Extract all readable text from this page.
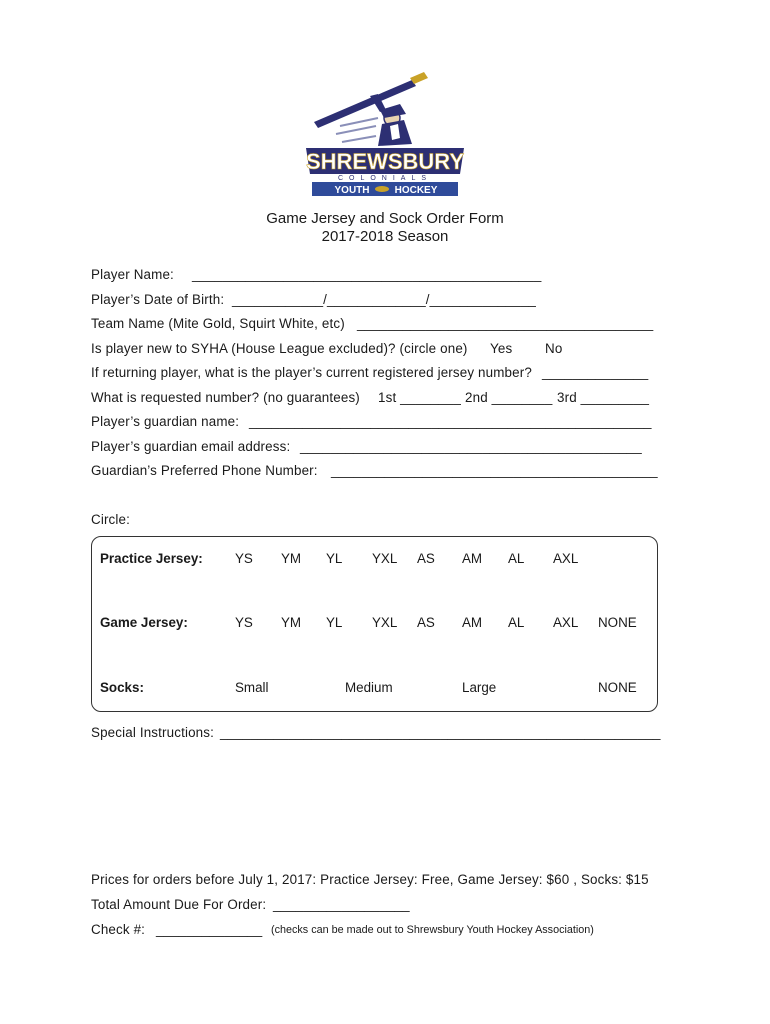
SHREWSBURY
COLONIALS
YOUTH	HOCKEY
Game Jersey and Sock Order Form
2017-2018 Season
Player Name: ______________________________________________
Player’s Date of Birth: ____________/_____________/______________
Team Name (Mite Gold, Squirt White, etc) _______________________________________
Is player new to SYHA (House League excluded)? (circle one) Yes No
If returning player, what is the player’s current registered jersey number? ______________
What is requested number? (no guarantees) 1st ________ 2nd ________ 3rd _________
Player’s guardian name: _____________________________________________________
Player’s guardian email address: _____________________________________________
Guardian’s Preferred Phone Number: ___________________________________________
Circle:
Practice Jersey: YS YM YL YXL AS AM AL AXL
Game Jersey:	YS YM YL YXL AS AM AL AXL NONE
Socks:	Small	Medium	Large	NONE
Special Instructions: __________________________________________________________
Prices for orders before July 1, 2017: Practice Jersey: Free, Game Jersey: $60 , Socks: $15
Total Amount Due For Order: __________________
Check #: ______________ (checks can be made out to Shrewsbury Youth Hockey Association)
